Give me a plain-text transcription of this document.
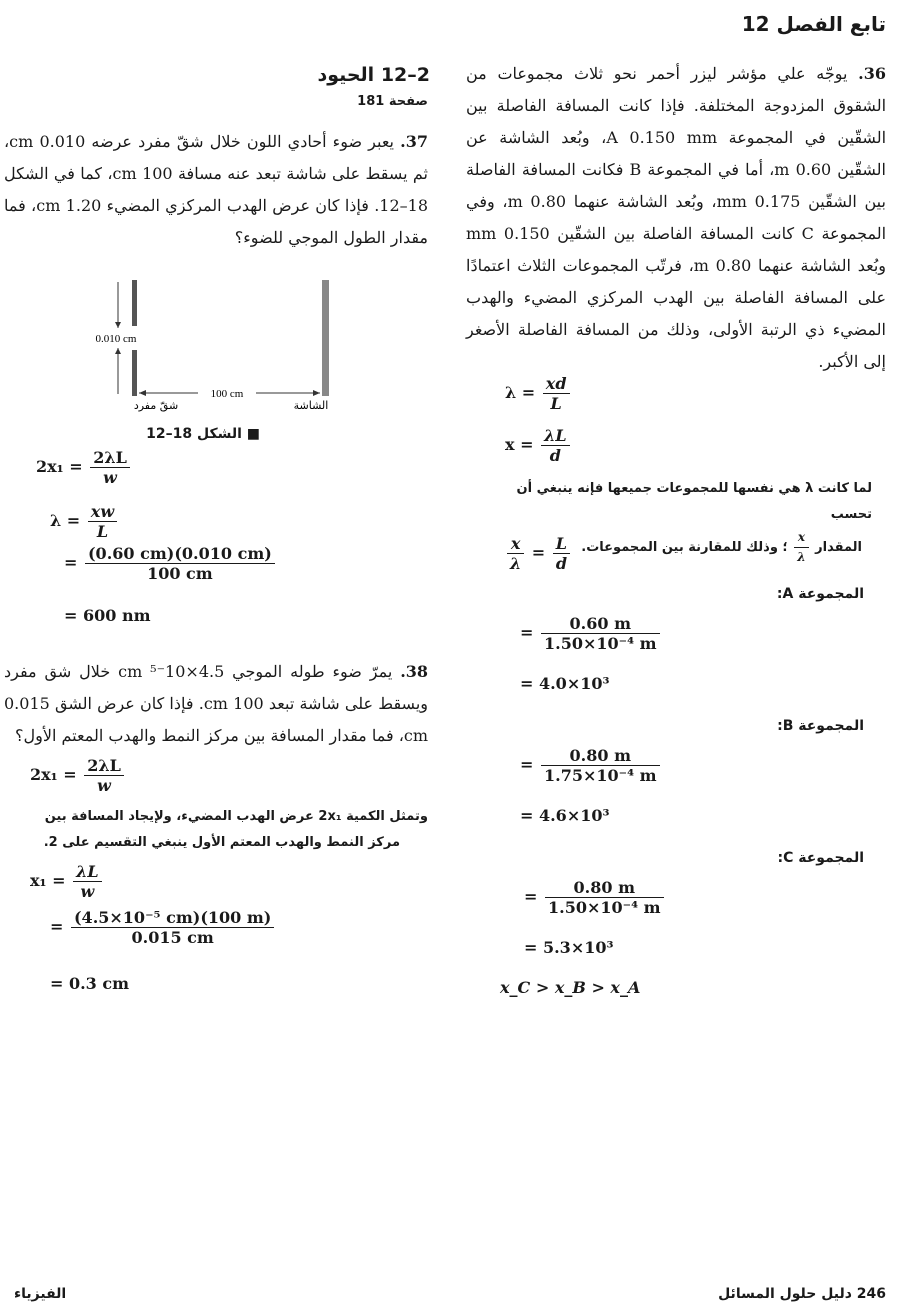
تابع الفصل 12
36. يوجّه علي مؤشر ليزر أحمر نحو ثلاث مجموعات من الشقوق المزدوجة المختلفة. فإذا كانت المسافة الفاصلة بين الشقّين في المجموعة A 0.150 mm، وبُعد الشاشة عن الشقّين 0.60 m، أما في المجموعة B فكانت المسافة الفاصلة بين الشقّين 0.175 mm، وبُعد الشاشة عنهما 0.80 m، وفي المجموعة C كانت المسافة الفاصلة بين الشقّين 0.150 mm وبُعد الشاشة عنهما 0.80 m، فرتّب المجموعات الثلاث اعتمادًا على المسافة الفاصلة بين الهدب المركزي المضيء والهدب المضيء ذي الرتبة الأولى، وذلك من المسافة الفاصلة الأصغر إلى الأكبر.
$\lambda = \frac{xd}{L}$
$x = \frac{\lambda L}{d}$
لما كانت λ هي نفسها للمجموعات جميعها فإنه ينبغي أن تحسب
المقدار
$\frac{x}{\lambda}$
؛ وذلك للمقارنة بين المجموعات.
$\frac{x}{\lambda} = \frac{L}{d}$
المجموعة A:
= $\frac{0.60 m}{\text{1.50×10⁻⁴ m}}$
= 4.0×10³
المجموعة B:
= $\frac{0.80 m}{\text{1.75×10⁻⁴ m}}$
= 4.6×10³
المجموعة C:
= $\frac{0.80 m}{\text{1.50×10⁻⁴ m}}$
= 5.3×10³
x_C > x_B > x_A
2–12 الحيود
صفحة 181
37. يعبر ضوء أحادي اللون خلال شقّ مفرد عرضه 0.010 cm، ثم يسقط على شاشة تبعد عنه مسافة 100 cm، كما في الشكل 18–12. فإذا كان عرض الهدب المركزي المضيء 1.20 cm، فما مقدار الطول الموجي للضوء؟
0.010 cm
100 cm
شقّ مفرد	الشاشة
■ الشكل 18–12
$2x_1 = \frac{2\lambda L}{w}$
$\lambda = \frac{xw}{L}$
= $\frac{(0.60 cm)(0.010 cm)}{100 cm}$
= 600 nm
38. يمرّ ضوء طوله الموجي 4.5×10⁻⁵ cm خلال شق مفرد ويسقط على شاشة تبعد 100 cm. فإذا كان عرض الشق 0.015 cm، فما مقدار المسافة بين مركز النمط والهدب المعتم الأول؟
$2x_1 = \frac{2\lambda L}{w}$
وتمثل الكمية 2x₁ عرض الهدب المضيء، ولإيجاد المسافة بين
مركز النمط والهدب المعتم الأول ينبغي التقسيم على 2.
$x_1 = \frac{\lambda L}{w}$
= $\frac{\text{(4.5×10⁻⁵ cm)(100 m)}}{0.015 cm}$
= 0.3 cm
246 دليل حلول المسائل
الفيزياء
